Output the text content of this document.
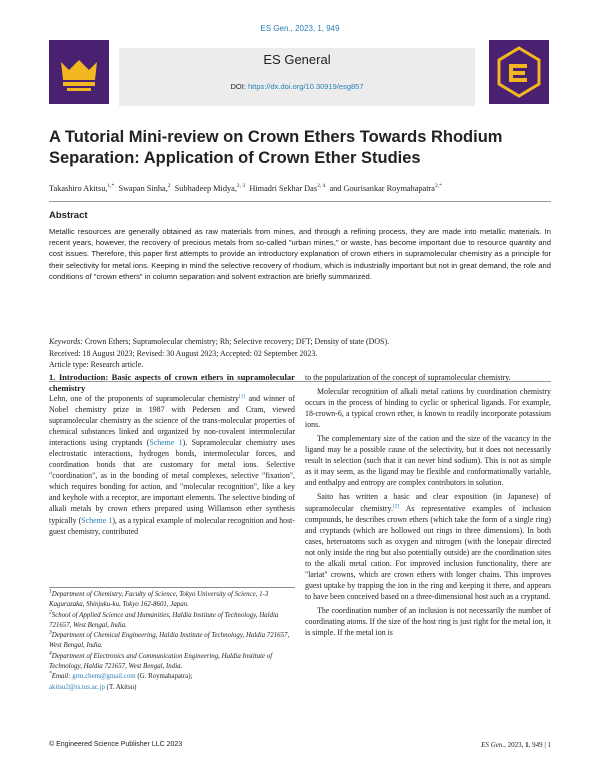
ES Gen., 2023, 1, 949
ES General
DOI: https://dx.doi.org/10.30919/esg857
A Tutorial Mini-review on Crown Ethers Towards Rhodium Separation: Application of Crown Ether Studies
Takashiro Akitsu,$^{1,*}$ Swapan Sinha,$^2$ Subhadeep Midya,$^{2, 3}$ Himadri Sekhar Das$^{2, 4}$ and Gourisankar Roymahapatra$^{2,*}$
Abstract
Metallic resources are generally obtained as raw materials from mines, and through a refining process, they are made into metallic materials. In recent years, however, the recovery of precious metals from so-called "urban mines," or waste, has become important due to resource quantity and cost issues. Therefore, this paper first attempts to provide an introductory explanation of crown ethers in supramolecular chemistry as a principle for their selectivity for metal ions. Keeping in mind the selective recovery of rhodium, which is industrially important but not in great demand, the role and conditions of "crown ethers" in column separation and solvent extraction are briefly summarized.
Keywords: Crown Ethers; Supramolecular chemistry; Rh; Selective recovery; DFT; Density of state (DOS).
Received: 18 August 2023; Revised: 30 August 2023; Accepted: 02 September 2023.
Article type: Research article.
1. Introduction: Basic aspects of crown ethers in supramolecular chemistry

Lehn, one of the proponents of supramolecular chemistry[1] and winner of Nobel chemistry prize in 1987 with Pedersen and Cram, viewed supramolecular chemistry as the science of the trans-molecular properties of chemical substances linked and organized by non-covalent intermolecular interactions using cryptands (Scheme 1). Supramolecular chemistry uses electrostatic interactions, hydrogen bonds, intermolecular forces, and coordination bonds that are customary for metal ions. Selective "coordination", as in the bonding of metal complexes, selective "fixation", which requires bonding for action, and "molecular recognition", like a key and keyhole with a receptor, are important elements. The selective binding of alkali metals by crown ethers prepared using Willamson ether synthesis typically (Scheme 1), as a typical example of molecular recognition and host-guest chemistry, contributed

$^1$Department of Chemistry, Faculty of Science, Tokyo University of Science, 1-3 Kagurazaka, Shinjuku-ku, Tokyo 162-8601, Japan.

$^2$School of Applied Science and Humanities, Haldia Institute of Technology, Haldia 721657, West Bengal, India.

$^3$Department of Chemical Engineering, Haldia Institute of Technology, Haldia 721657, West Bengal, India.

$^4$Department of Electronics and Communication Engineering, Haldia Institute of Technology, Haldia 721657, West Bengal, India.

*Email: grm.chem@gmail.com (G. Roymahapatra);
akitsu2@rs.tus.ac.jp (T. Akitsu)

to the popularization of the concept of supramolecular chemistry.

Molecular recognition of alkali metal cations by coordination chemistry occurs in the process of binding to cyclic or spherical ligands. For example, 18-crown-6, a typical crown ether, is known to readily incorporate potassium ions.

The complementary size of the cation and the size of the vacancy in the ligand may be a possible cause of the selectivity, but it does not necessarily result in selection (such that it can never bind sodium). This is not as simple as it may seem, as the ligand may be flexible and conformationally variable, and enthalpy and entropy are complex contributors in solution.

Saito has written a basic and clear exposition (in Japanese) of supramolecular chemistry.[2] As representative examples of inclusion compounds, he describes crown ethers (which take the form of a single ring) and cryptands (which are hollowed out rings in three dimensions). In both cases, heteroatoms such as oxygen and nitrogen (with the lonepair directed not only inside the ring but also potentially outside) are the coordination sites to the alkali metal cation. For improved inclusion functionality, there are "lariat" crowns, which are crown ethers with longer chains. This improves guest uptake by trapping the ion in the ring and keeping it there, and appears to have been conceived based on a three-dimensional host such as a cryptand.

The coordination number of an inclusion is not necessarily the number of coordinating atoms. If the size of the host ring is just right for the metal ion, it is simple. If the metal ion is

© Engineered Science Publisher LLC 2023	ES Gen., 2023, 1, 949 | 1
